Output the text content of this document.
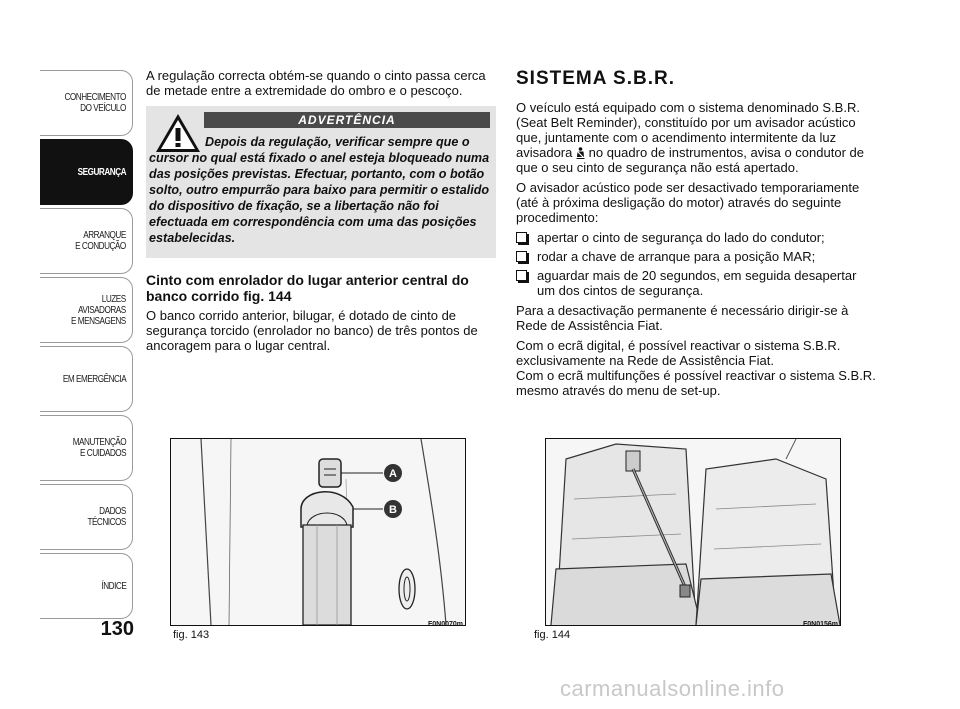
CONHECIMENTO
DO VEÍCULO
SEGURANÇA
ARRANQUE
E CONDUÇÃO
LUZES
AVISADORAS
E MENSAGENS
EM EMERGÊNCIA
MANUTENÇÃO
E CUIDADOS
DADOS
TÉCNICOS
ÍNDICE
130

A regulação correcta obtém-se quando o cinto passa cerca de metade entre a extremidade do ombro e o pescoço.

ADVERTÊNCIA
Depois da regulação, verificar sempre que o cursor no qual está fixado o anel esteja bloqueado numa das posições previstas. Efectuar, portanto, com o botão solto, outro empurrão para baixo para permitir o estalido do dispositivo de fixação, se a libertação não foi efectuada em correspondência com uma das posições estabelecidas.

Cinto com enrolador do lugar anterior central do banco corrido fig. 144

O banco corrido anterior, bilugar, é dotado de cinto de segurança torcido (enrolador no banco) de três pontos de ancoragem para o lugar central.

SISTEMA S.B.R.

O veículo está equipado com o sistema denominado S.B.R. (Seat Belt Reminder), constituído por um avisador acústico que, juntamente com o acendimento intermitente da luz avisadora no quadro de instrumentos, avisa o condutor de que o seu cinto de segurança não está apertado.

O avisador acústico pode ser desactivado temporariamente (até à próxima desligação do motor) através do seguinte procedimento:

apertar o cinto de segurança do lado do condutor;
rodar a chave de arranque para a posição MAR;
aguardar mais de 20 segundos, em seguida desapertar um dos cintos de segurança.

Para a desactivação permanente é necessário dirigir-se à Rede de Assistência Fiat.

Com o ecrã digital, é possível reactivar o sistema S.B.R. exclusivamente na Rede de Assistência Fiat.

Com o ecrã multifunções é possível reactivar o sistema S.B.R. mesmo através do menu de set-up.

A
B
fig. 143
F0N0070m
fig. 144
F0N0156m
carmanualsonline.info
